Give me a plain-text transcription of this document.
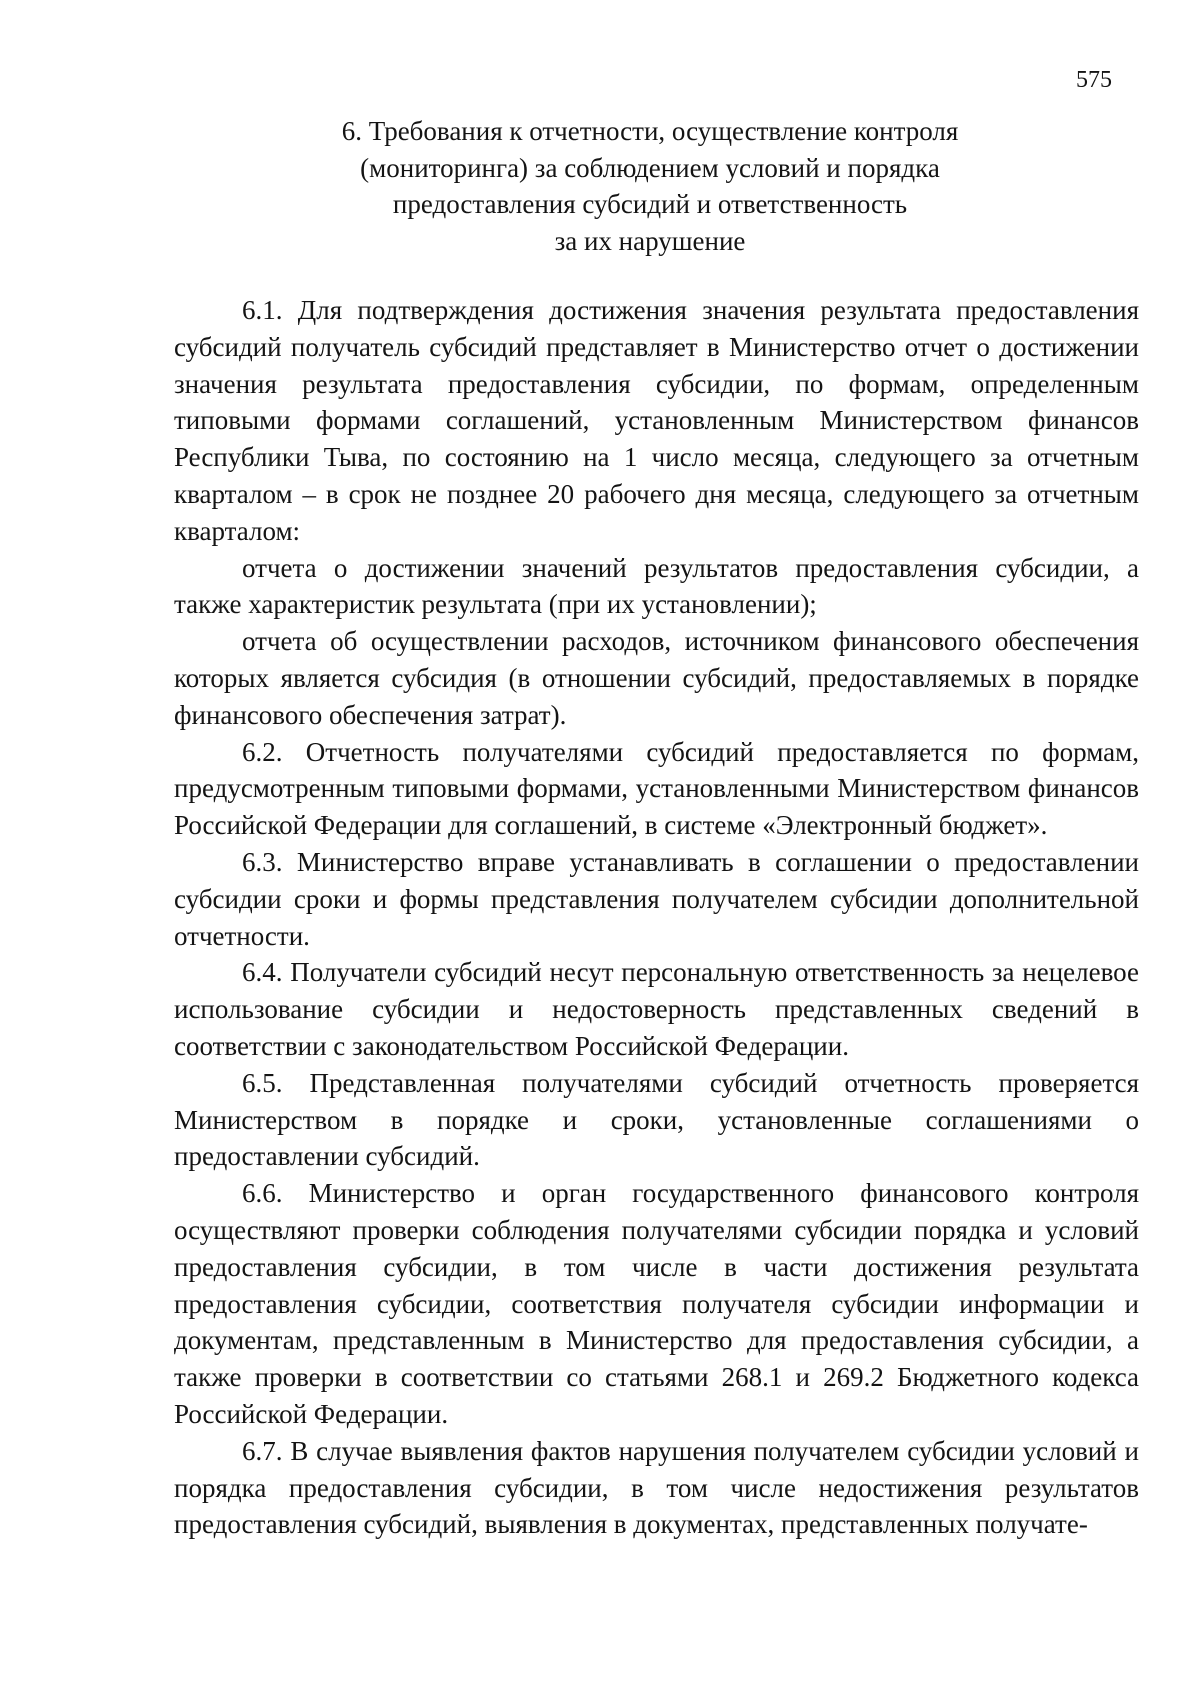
575
6. Требования к отчетности, осуществление контроля
(мониторинга) за соблюдением условий и порядка
предоставления субсидий и ответственность
за их нарушение

6.1. Для подтверждения достижения значения результата предоставления субсидий получатель субсидий представляет в Министерство отчет о достижении значения результата предоставления субсидии, по формам, определенным типовыми формами соглашений, установленным Министерством финансов Республики Тыва, по состоянию на 1 число месяца, следующего за отчетным кварталом – в срок не позднее 20 рабочего дня месяца, следующего за отчетным кварталом:

отчета о достижении значений результатов предоставления субсидии, а также характеристик результата (при их установлении);

отчета об осуществлении расходов, источником финансового обеспечения которых является субсидия (в отношении субсидий, предоставляемых в порядке финансового обеспечения затрат).

6.2. Отчетность получателями субсидий предоставляется по формам, предусмотренным типовыми формами, установленными Министерством финансов Российской Федерации для соглашений, в системе «Электронный бюджет».

6.3. Министерство вправе устанавливать в соглашении о предоставлении субсидии сроки и формы представления получателем субсидии дополнительной отчетности.

6.4. Получатели субсидий несут персональную ответственность за нецелевое использование субсидии и недостоверность представленных сведений в соответствии с законодательством Российской Федерации.

6.5. Представленная получателями субсидий отчетность проверяется Министерством в порядке и сроки, установленные соглашениями о предоставлении субсидий.

6.6. Министерство и орган государственного финансового контроля осуществляют проверки соблюдения получателями субсидии порядка и условий предоставления субсидии, в том числе в части достижения результата предоставления субсидии, соответствия получателя субсидии информации и документам, представленным в Министерство для предоставления субсидии, а также проверки в соответствии со статьями 268.1 и 269.2 Бюджетного кодекса Российской Федерации.

6.7. В случае выявления фактов нарушения получателем субсидии условий и порядка предоставления субсидии, в том числе недостижения результатов предоставления субсидий, выявления в документах, представленных получате-
